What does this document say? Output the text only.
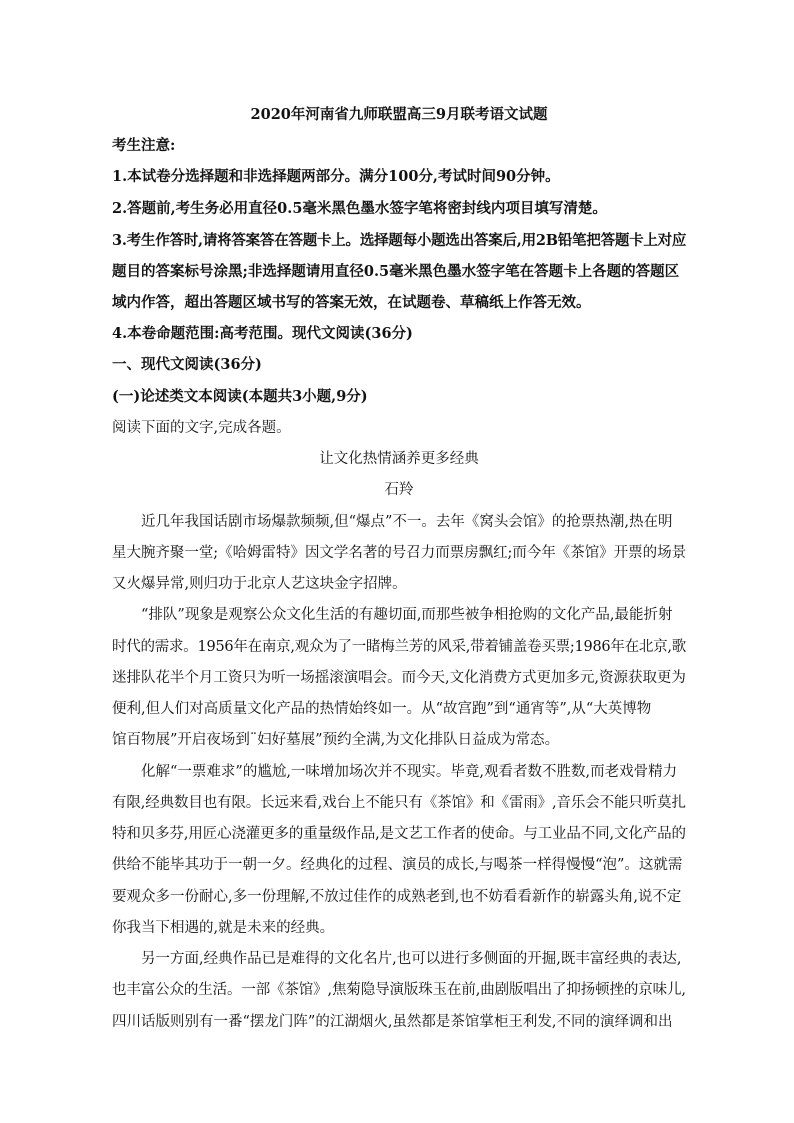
2020年河南省九师联盟高三9月联考语文试题
考生注意:
1.本试卷分选择题和非选择题两部分。满分100分,考试时间90分钟。
2.答题前,考生务必用直径0.5毫米黑色墨水签字笔将密封线内项目填写清楚。
3.考生作答时,请将答案答在答题卡上。选择题每小题选出答案后,用2B铅笔把答题卡上对应
题目的答案标号涂黑;非选择题请用直径0.5毫米黑色墨水签字笔在答题卡上各题的答题区
域内作答，超出答题区域书写的答案无效，在试题卷、草稿纸上作答无效。
4.本卷命题范围:高考范围。现代文阅读(36分)
一、现代文阅读(36分)
(一)论述类文本阅读(本题共3小题,9分)
阅读下面的文字,完成各题。
让文化热情涵养更多经典
石羚
近几年我国话剧市场爆款频频,但“爆点”不一。去年《窝头会馆》的抢票热潮,热在明
星大腕齐聚一堂;《哈姆雷特》因文学名著的号召力而票房飘红;而今年《茶馆》开票的场景
又火爆异常,则归功于北京人艺这块金字招牌。
“排队”现象是观察公众文化生活的有趣切面,而那些被争相抢购的文化产品,最能折射
时代的需求。1956年在南京,观众为了一睹梅兰芳的风采,带着铺盖卷买票;1986年在北京,歌
迷排队花半个月工资只为听一场摇滚演唱会。而今天,文化消费方式更加多元,资源获取更为
便利,但人们对高质量文化产品的热情始终如一。从“故宫跑”到“通宵等”,从“大英博物
馆百物展”开启夜场到¨妇好墓展”预约全满,为文化排队日益成为常态。
化解“一票难求”的尴尬,一味增加场次并不现实。毕竟,观看者数不胜数,而老戏骨精力
有限,经典数目也有限。长远来看,戏台上不能只有《茶馆》和《雷雨》,音乐会不能只听莫扎
特和贝多芬,用匠心浇灌更多的重量级作品,是文艺工作者的使命。与工业品不同,文化产品的
供给不能毕其功于一朝一夕。经典化的过程、演员的成长,与喝茶一样得慢慢“泡”。这就需
要观众多一份耐心,多一份理解,不放过佳作的成熟老到,也不妨看看新作的崭露头角,说不定
你我当下相遇的,就是未来的经典。
另一方面,经典作品已是难得的文化名片,也可以进行多侧面的开掘,既丰富经典的表达,
也丰富公众的生活。一部《茶馆》,焦菊隐导演版珠玉在前,曲剧版唱出了抑扬顿挫的京味儿,
四川话版则别有一番“摆龙门阵”的江湖烟火,虽然都是茶馆掌柜王利发,不同的演绎调和出
